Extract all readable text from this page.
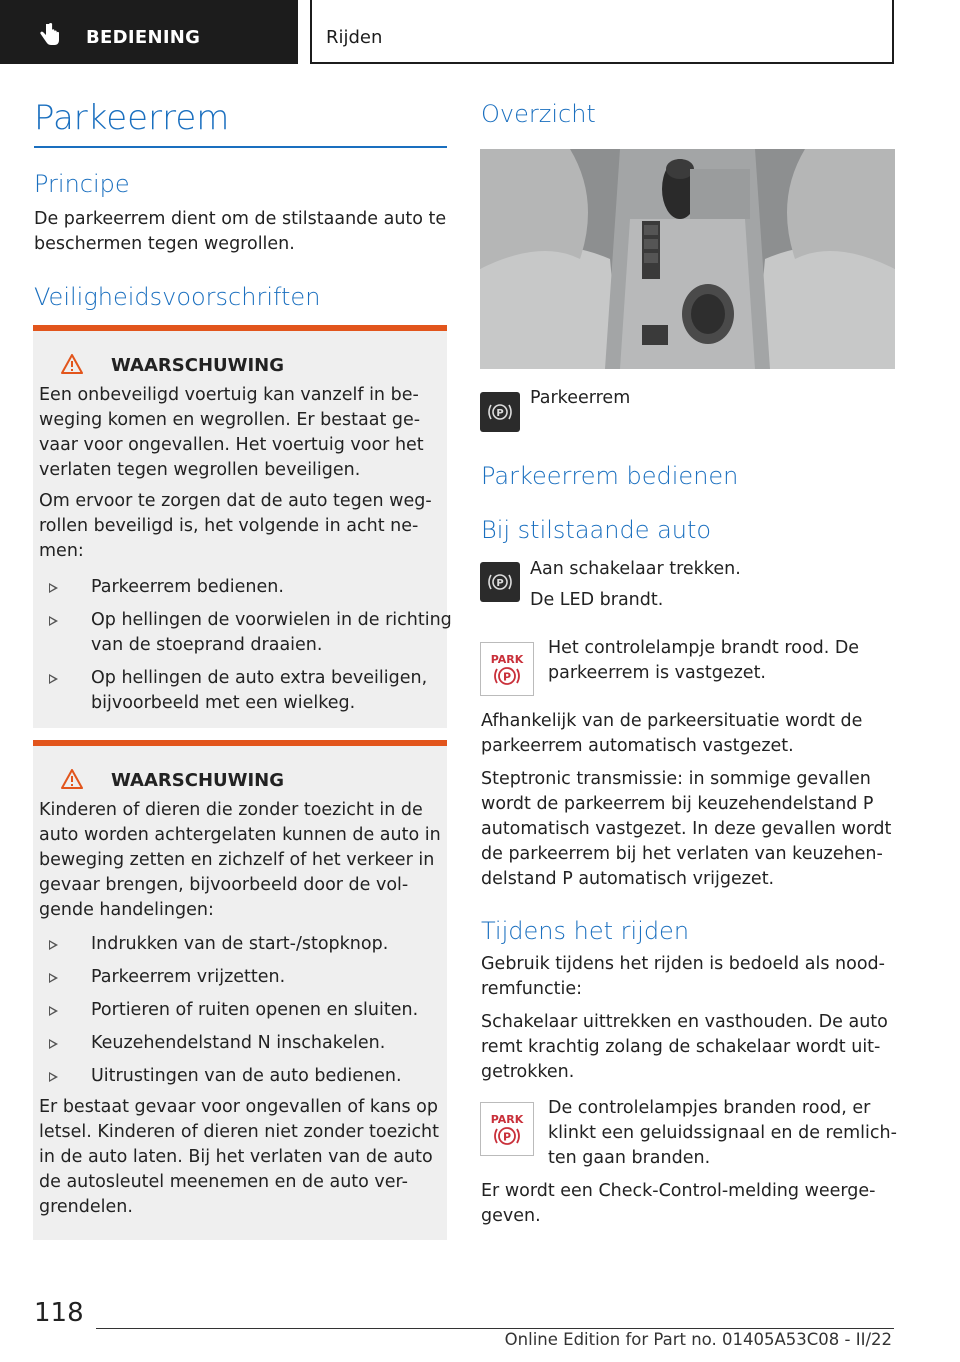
BEDIENING	Rijden
Parkeerrem
Principe
De parkeerrem dient om de stilstaande auto te
beschermen tegen wegrollen.
Veiligheidsvoorschriften
WAARSCHUWING
Een onbeveiligd voertuig kan vanzelf in be-
weging komen en wegrollen. Er bestaat ge-
vaar voor ongevallen. Het voertuig voor het
verlaten tegen wegrollen beveiligen.
Om ervoor te zorgen dat de auto tegen weg-
rollen beveiligd is, het volgende in acht ne-
men:
Parkeerrem bedienen.
Op hellingen de voorwielen in de richting
van de stoeprand draaien.
Op hellingen de auto extra beveiligen,
bijvoorbeeld met een wielkeg.
WAARSCHUWING
Kinderen of dieren die zonder toezicht in de
auto worden achtergelaten kunnen de auto in
beweging zetten en zichzelf of het verkeer in
gevaar brengen, bijvoorbeeld door de vol-
gende handelingen:
Indrukken van de start-/stopknop.
Parkeerrem vrijzetten.
Portieren of ruiten openen en sluiten.
Keuzehendelstand N inschakelen.
Uitrustingen van de auto bedienen.
Er bestaat gevaar voor ongevallen of kans op
letsel. Kinderen of dieren niet zonder toezicht
in de auto laten. Bij het verlaten van de auto
de autosleutel meenemen en de auto ver-
grendelen.
Overzicht
P
Parkeerrem
Parkeerrem bedienen
Bij stilstaande auto
P
Aan schakelaar trekken.
De LED brandt.
PARK
P
Het controlelampje brandt rood. De
parkeerrem is vastgezet.
Afhankelijk van de parkeersituatie wordt de
parkeerrem automatisch vastgezet.
Steptronic transmissie: in sommige gevallen
wordt de parkeerrem bij keuzehendelstand P
automatisch vastgezet. In deze gevallen wordt
de parkeerrem bij het verlaten van keuzehen-
delstand P automatisch vrijgezet.
Tijdens het rijden
Gebruik tijdens het rijden is bedoeld als nood-
remfunctie:
Schakelaar uittrekken en vasthouden. De auto
remt krachtig zolang de schakelaar wordt uit-
getrokken.
PARK
P
De controlelampjes branden rood, er
klinkt een geluidssignaal en de remlich-
ten gaan branden.
Er wordt een Check-Control-melding weerge-
geven.
118
Online Edition for Part no. 01405A53C08 - II/22
